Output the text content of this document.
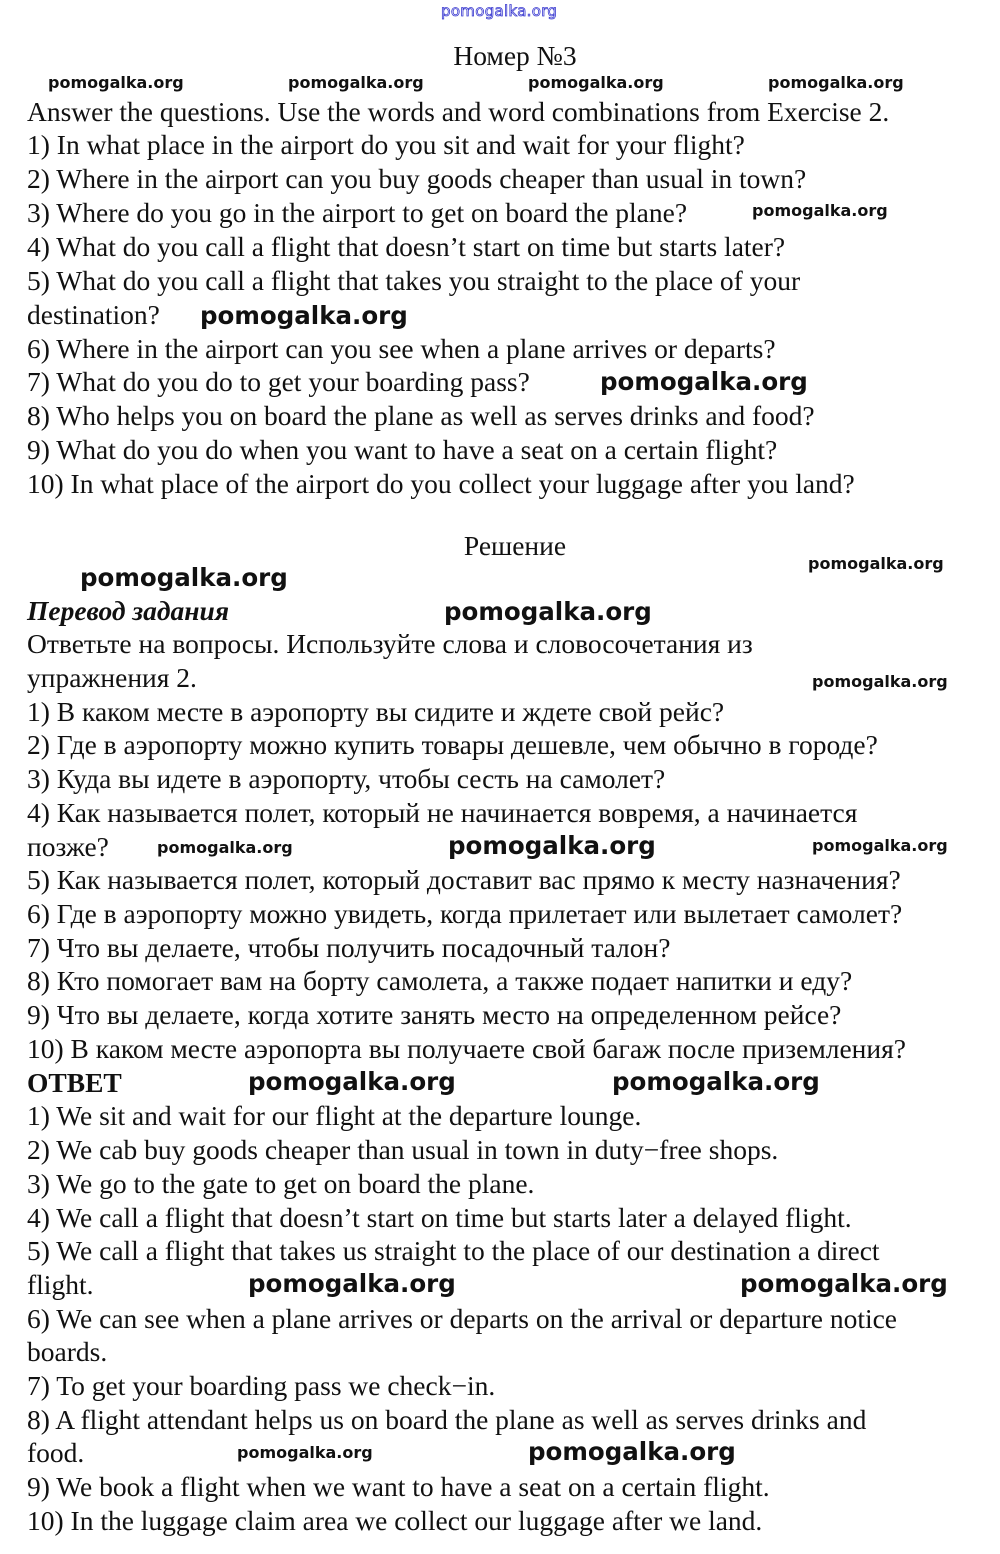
pomogalka.org
Номер №3
Answer the questions. Use the words and word combinations from Exercise 2.
1) In what place in the airport do you sit and wait for your flight?
2) Where in the airport can you buy goods cheaper than usual in town?
3) Where do you go in the airport to get on board the plane?
4) What do you call a flight that doesn’t start on time but starts later?
5) What do you call a flight that takes you straight to the place of your
destination?
6) Where in the airport can you see when a plane arrives or departs?
7) What do you do to get your boarding pass?
8) Who helps you on board the plane as well as serves drinks and food?
9) What do you do when you want to have a seat on a certain flight?
10) In what place of the airport do you collect your luggage after you land?
Решение
Перевод задания
Ответьте на вопросы. Используйте слова и словосочетания из
упражнения 2.
1) В каком месте в аэропорту вы сидите и ждете свой рейс?
2) Где в аэропорту можно купить товары дешевле, чем обычно в городе?
3) Куда вы идете в аэропорту, чтобы сесть на самолет?
4) Как называется полет, который не начинается вовремя, а начинается
позже?
5) Как называется полет, который доставит вас прямо к месту назначения?
6) Где в аэропорту можно увидеть, когда прилетает или вылетает самолет?
7) Что вы делаете, чтобы получить посадочный талон?
8) Кто помогает вам на борту самолета, а также подает напитки и еду?
9) Что вы делаете, когда хотите занять место на определенном рейсе?
10) В каком месте аэропорта вы получаете свой багаж после приземления?
ОТВЕТ
1) We sit and wait for our flight at the departure lounge.
2) We cab buy goods cheaper than usual in town in duty−free shops.
3) We go to the gate to get on board the plane.
4) We call a flight that doesn’t start on time but starts later a delayed flight.
5) We call a flight that takes us straight to the place of our destination a direct
flight.
6) We can see when a plane arrives or departs on the arrival or departure notice
boards.
7) To get your boarding pass we check−in.
8) A flight attendant helps us on board the plane as well as serves drinks and
food.
9) We book a flight when we want to have a seat on a certain flight.
10) In the luggage claim area we collect our luggage after we land.
pomogalka.org	pomogalka.org	pomogalka.org	pomogalka.org
pomogalka.org
pomogalka.org
pomogalka.org
pomogalka.org
pomogalka.org
pomogalka.org
pomogalka.org
pomogalka.org
pomogalka.org
pomogalka.org
pomogalka.org
pomogalka.org	pomogalka.org
pomogalka.org	pomogalka.org
pomogalka.org
